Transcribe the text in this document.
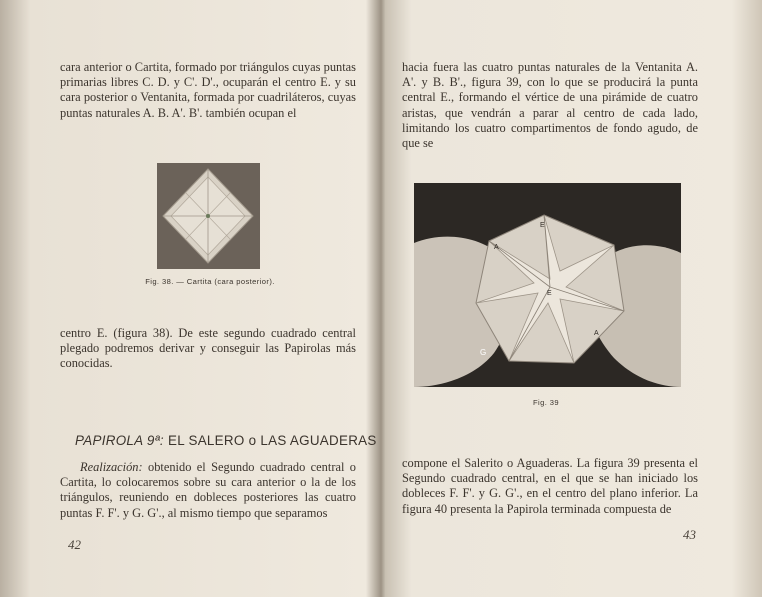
cara anterior o Cartita, formado por triángulos cuyas puntas primarias libres C. D. y C'. D'., ocuparán el centro E. y su cara posterior o Ventanita, formada por cuadriláteros, cuyas puntas naturales A. B. A'. B'. también ocupan el

Fig. 38. — Cartita (cara posterior).

centro E. (figura 38). De este segundo cuadrado central plegado podremos derivar y conseguir las Papirolas más conocidas.

PAPIROLA 9ª: EL SALERO o LAS AGUADERAS

Realización: obtenido el Segundo cuadrado central o Cartita, lo colocaremos sobre su cara anterior o la de los triángulos, reuniendo en dobleces posteriores las cuatro puntas F. F'. y G. G'., al mismo tiempo que separamos

42

hacia fuera las cuatro puntas naturales de la Ventanita A. A'. y B. B'., figura 39, con lo que se producirá la punta central E., formando el vértice de una pirámide de cuatro aristas, que vendrán a parar al centro de cada lado, limitando los cuatro compartimentos de fondo agudo, de que se

E
E
A
A
G
Fig. 39

compone el Salerito o Aguaderas. La figura 39 presenta el Segundo cuadrado central, en el que se han iniciado los dobleces F. F'. y G. G'., en el centro del plano inferior. La figura 40 presenta la Papirola terminada compuesta de

43
